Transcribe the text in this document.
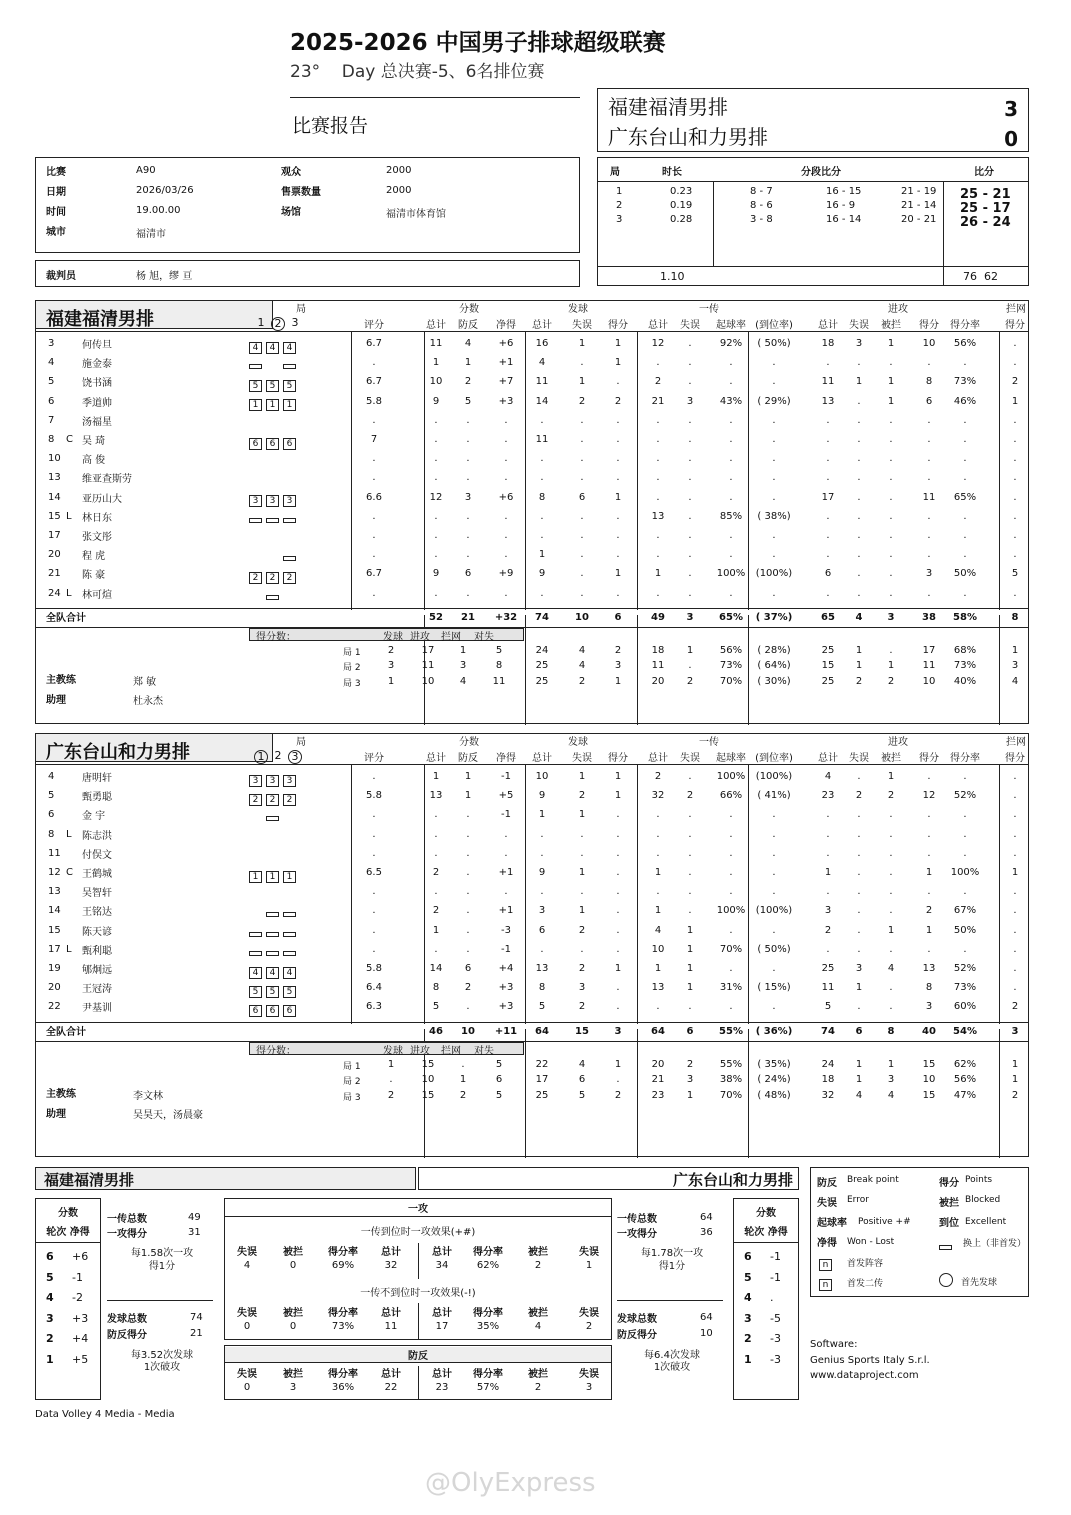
2025-2026 中国男子排球超级联赛
23°    Day 总决赛-5、6名排位赛
比赛报告
福建福清男排	3
广东台山和力男排	0
比赛	A90
日期	2026/03/26
时间	19.00.00
城市	福清市
观众	2000
售票数量	2000
场馆	福清市体育馆
裁判员	杨 旭，缪 亘
局	时长	分段比分	比分
1	0.23	8 - 7	16 - 15	21 - 19 25 - 21
2	0.19	8 - 6	16 - 9	21 - 14 25 - 17
3	0.28	3 - 8	16 - 14	20 - 21 26 - 24
1.10	76  62
福建福清男排	局
1 2 3
分数	发球	一传	进攻	拦网
评分	总计	防反	净得	总计	失误	得分	总计	失误	起球率 (到位率)	总计	失误	被拦	得分	得分率	得分
3	何传旦	4 4 4	6.7	11	4	+6	16	1	1	12	.	92%	( 50%)	18	3	1	10	56%	.
4	施金泰	.	1	1	+1	4	.	1	.	.	.	.	.	.	.	.	.	.
5	饶书涵	5 5 5	6.7	10	2	+7	11	1	.	2	.	.	.	11	1	1	8	73%	2
6	季道帅	1 1 1	5.8	9	5	+3	14	2	2	21	3	43%	( 29%)	13	.	1	6	46%	1
7	汤福星	.	.	.	.	.	.	.	.	.	.	.	.	.	.	.	.	.
8 C 吴 琦	6 6 6	7	.	.	.	11	.	.	.	.	.	.	.	.	.	.	.	.
10 高 俊	.	.	.	.	.	.	.	.	.	.	.	.	.	.	.	.	.
13 维亚查斯劳	.	.	.	.	.	.	.	.	.	.	.	.	.	.	.	.	.
14 亚历山大	3 3 3	6.6	12	3	+6	8	6	1	.	.	.	.	17	.	.	11	65%	.
15 L 林日东	.	.	.	.	.	.	.	13	.	85%	( 38%)	.	.	.	.	.	.
17 张文彤	.	.	.	.	.	.	.	.	.	.	.	.	.	.	.	.	.
20 程 虎	.	.	.	.	1	.	.	.	.	.	.	.	.	.	.	.	.
21 陈 豪	2 2 2	6.7	9	6	+9	9	.	1	1	.	100%	(100%)	6	.	.	3	50%	5
24 L 林可煊	.	.	.	.	.	.	.	.	.	.	.	.	.	.	.	.	.
全队合计	52	21	+32	74	10	6	49	3	65%	( 37%)	65	4	3	38	58%	8
得分数：	发球 进攻 拦网 对失
局 1	2	17	1	5	24	4	2	18	1	56%	( 28%)	25	1	.	17	68%	1
局 2	3	11	3	8	25	4	3	11	.	73%	( 64%)	15	1	1	11	73%	3
局 3	1	10	4	11	25	2	1	20	2	70%	( 30%)	25	2	2	10	40%	4
主教练	郑 敏
助理	杜永杰
广东台山和力男排	局
1 2 3
分数	发球	一传	进攻	拦网
评分	总计	防反	净得	总计	失误	得分	总计	失误	起球率 (到位率)	总计	失误	被拦	得分	得分率	得分
4	唐明轩	3 3 3	.	1	1	-1	10	1	1	2	.	100%	(100%)	4	.	1	.	.	.
5	甄勇聪	2 2 2	5.8	13	1	+5	9	2	1	32	2	66%	( 41%)	23	2	2	12	52%	.
6	金 宇	.	.	.	-1	1	1	.	.	.	.	.	.	.	.	.	.	.
8 L 陈志洪	.	.	.	.	.	.	.	.	.	.	.	.	.	.	.	.	.
11 付俣文	.	.	.	.	.	.	.	.	.	.	.	.	.	.	.	.	.
12 C 王鹤城	1 1 1	6.5	2	.	+1	9	1	.	1	.	.	.	1	.	.	1	100%	1
13 吴智轩	.	.	.	.	.	.	.	.	.	.	.	.	.	.	.	.	.
14 王铭达	.	2	.	+1	3	1	.	1	.	100%	(100%)	3	.	.	2	67%	.
15 陈天谚	.	1	.	-3	6	2	.	4	1	.	.	2	.	1	1	50%	.
17 L 甄利聪	.	.	.	-1	.	.	.	10	1	70%	( 50%)	.	.	.	.	.	.
19 郇炯远	4 4 4	5.8	14	6	+4	13	2	1	1	1	.	.	25	3	4	13	52%	.
20 王冠涛	5 5 5	6.4	8	2	+3	8	3	.	13	1	31%	( 15%)	11	1	.	8	73%	.
22 尹基训	6 6 6	6.3	5	.	+3	5	2	.	.	.	.	.	5	.	.	3	60%	2
全队合计	46	10	+11	64	15	3	64	6	55%	( 36%)	74	6	8	40	54%	3
得分数：	发球 进攻 拦网 对失
局 1	1	15	.	5	22	4	1	20	2	55%	( 35%)	24	1	1	15	62%	1
局 2	.	10	1	6	17	6	.	21	3	38%	( 24%)	18	1	3	10	56%	1
局 3	2	15	2	5	25	5	2	23	1	70%	( 48%)	32	4	4	15	47%	2
主教练	李文林
助理	吴昊天，汤晨豪
福建福清男排	广东台山和力男排
分数
轮次 净得
6 +6
5 -1
4 -2
3 +3
2 +4
1 +5
分数
轮次 净得
6 -1
5 -1
4 .
3 -5
2 -3
1 -3
一传总数	49
一攻得分	31
每1.58次一攻
得1分
发球总数	74
防反得分	21
每3.52次发球
1次破攻
一传总数	64
一攻得分	36
每1.78次一攻
得1分
发球总数	64
防反得分	10
每6.4次发球
1次破攻
一攻
一传到位时一攻效果(+#)
一传不到位时一攻效果(-!)
失误	被拦	得分率	总计	总计	得分率	被拦	失误
4	0	69%	32	34	62%	2	1
失误	被拦	得分率	总计	总计	得分率	被拦	失误
0	0	73%	11	17	35%	4	2
防反
失误	被拦	得分率	总计	总计	得分率	被拦	失误
0	3	36%	22	23	57%	2	3
防反 Break point
失误 Error
起球率 Positive +#
净得 Won - Lost
n	首发阵容
n	首发二传
得分 Points
被拦 Blocked
到位 Excellent
换上（非首发）
首先发球
Software:
Genius Sports Italy S.r.l.
www.dataproject.com
Data Volley 4 Media - Media
@OlyExpress
